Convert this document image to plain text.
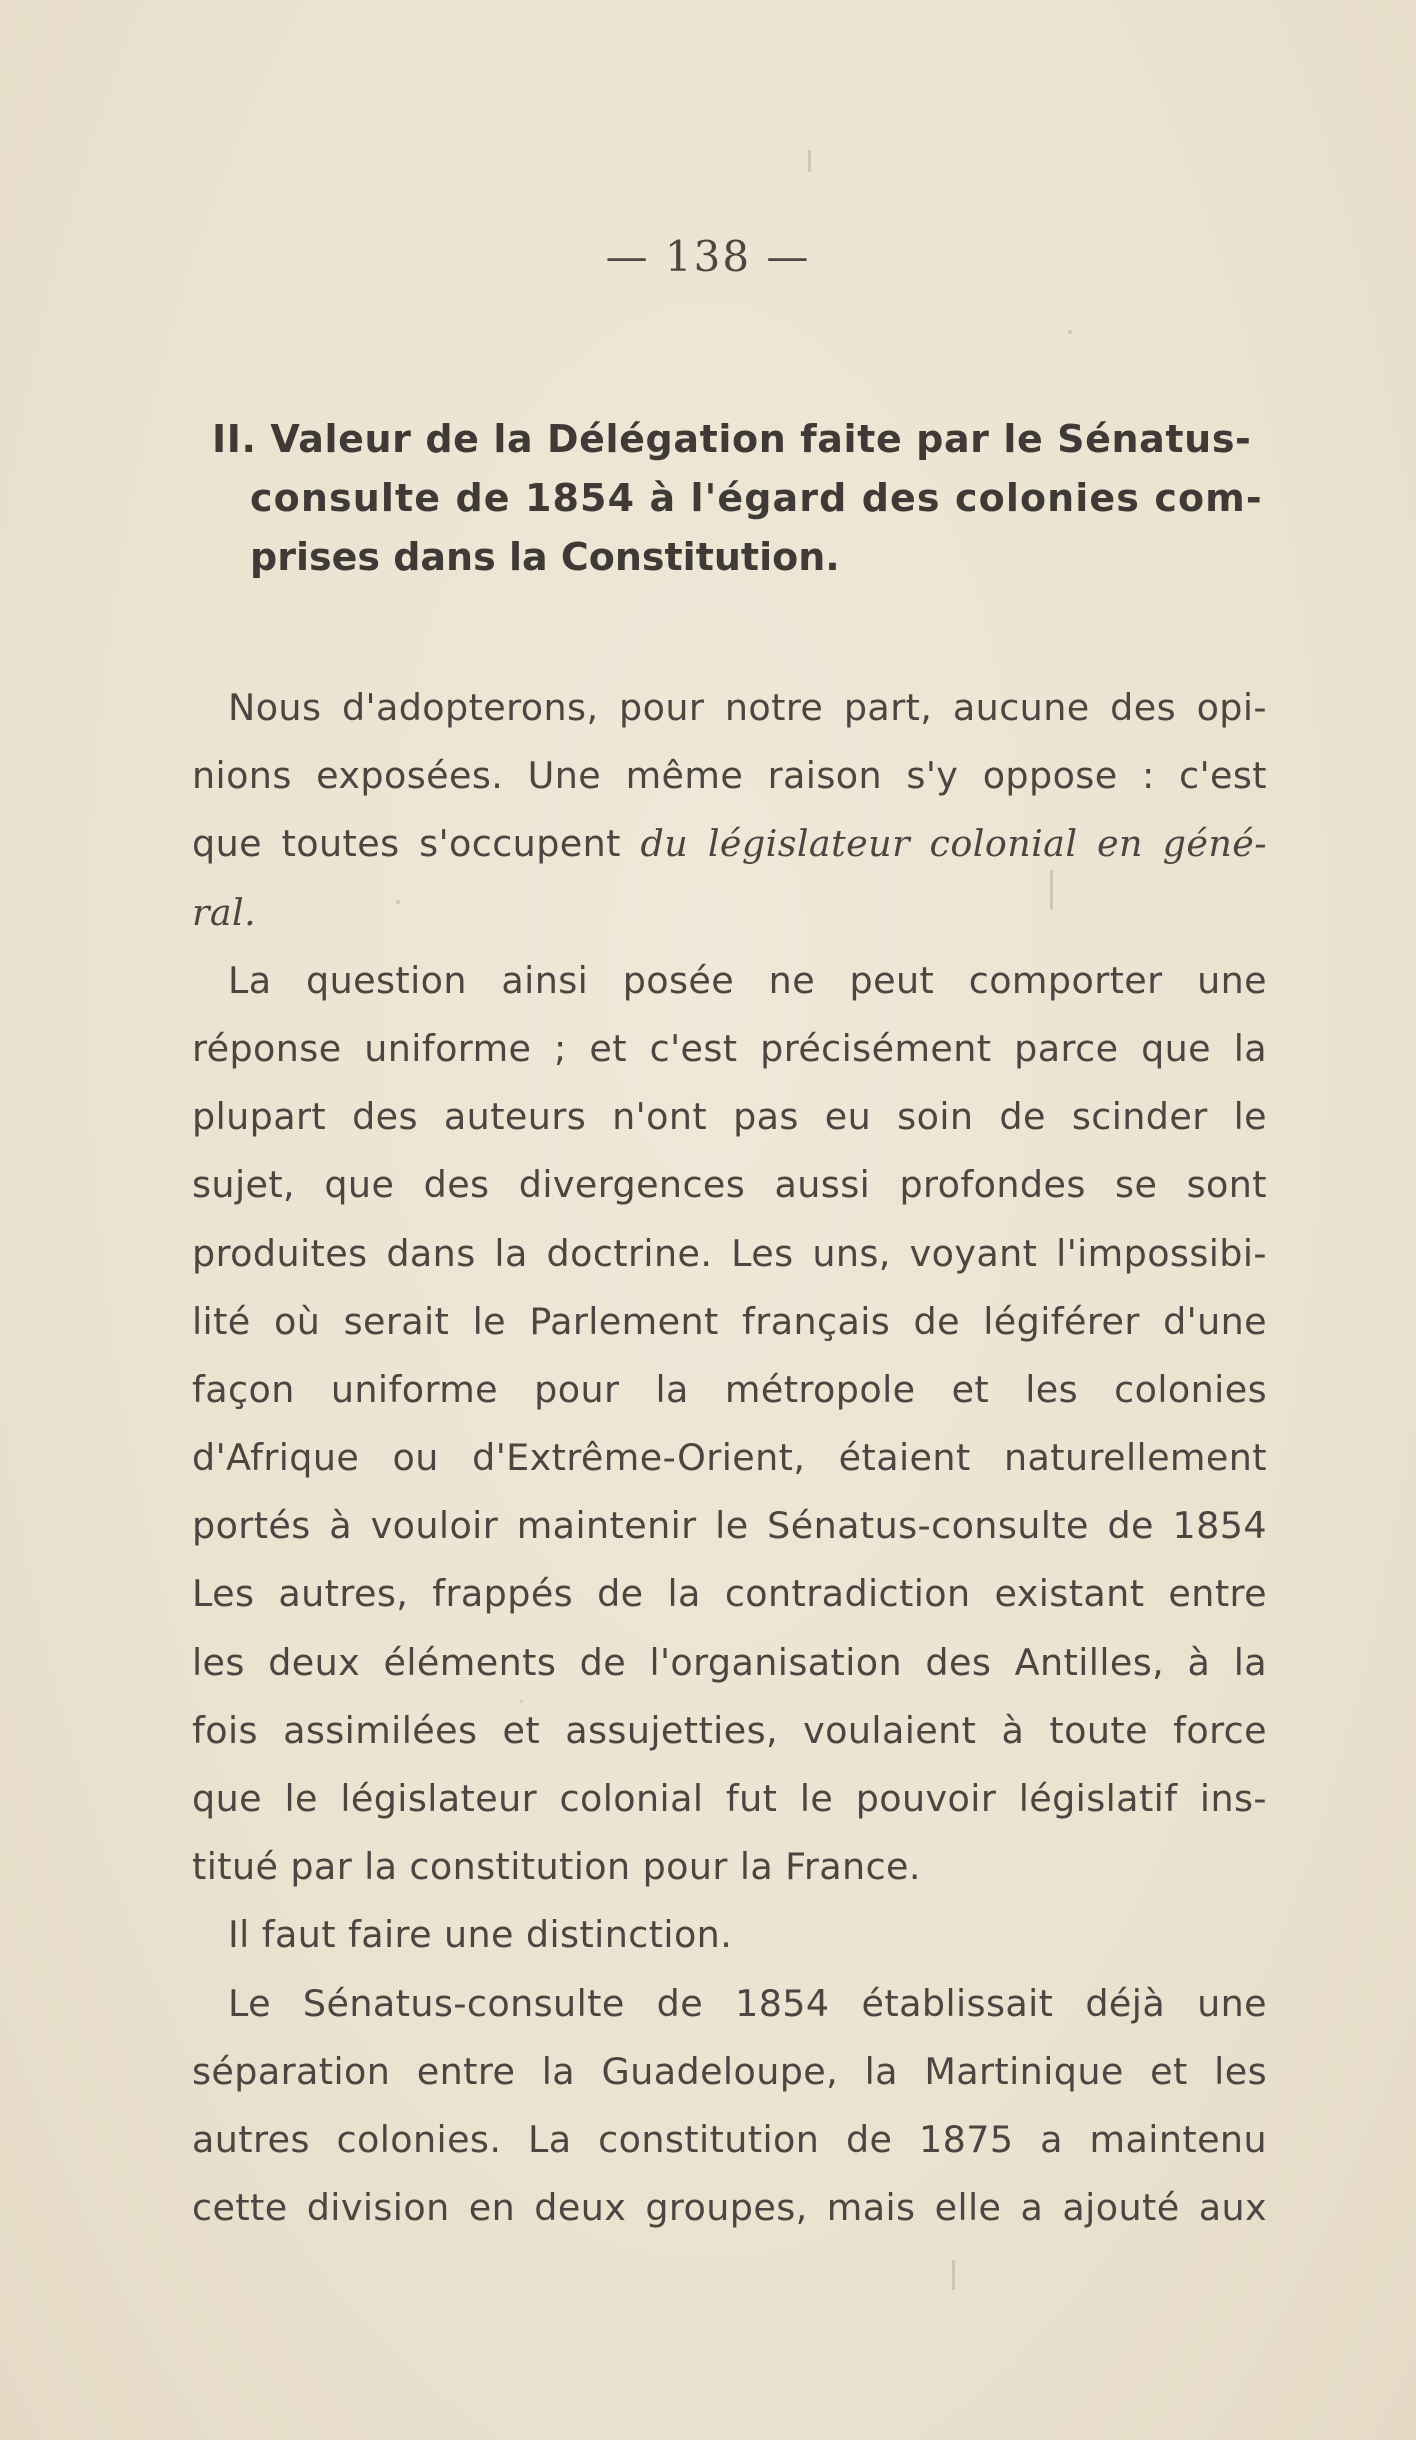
— 138 —
II. Valeur de la Délégation faite par le Sénatus-
consulte de 1854 à l'égard des colonies com-
prises dans la Constitution.
Nous d'adopterons, pour notre part, aucune des opi-
nions exposées. Une même raison s'y oppose : c'est
que toutes s'occupent du législateur colonial en géné-
ral.
La question ainsi posée ne peut comporter une
réponse uniforme ; et c'est précisément parce que la
plupart des auteurs n'ont pas eu soin de scinder le
sujet, que des divergences aussi profondes se sont
produites dans la doctrine. Les uns, voyant l'impossibi-
lité où serait le Parlement français de légiférer d'une
façon uniforme pour la métropole et les colonies
d'Afrique ou d'Extrême-Orient, étaient naturellement
portés à vouloir maintenir le Sénatus-consulte de 1854
Les autres, frappés de la contradiction existant entre
les deux éléments de l'organisation des Antilles, à la
fois assimilées et assujetties, voulaient à toute force
que le législateur colonial fut le pouvoir législatif ins-
titué par la constitution pour la France.
Il faut faire une distinction.
Le Sénatus-consulte de 1854 établissait déjà une
séparation entre la Guadeloupe, la Martinique et les
autres colonies. La constitution de 1875 a maintenu
cette division en deux groupes, mais elle a ajouté aux
